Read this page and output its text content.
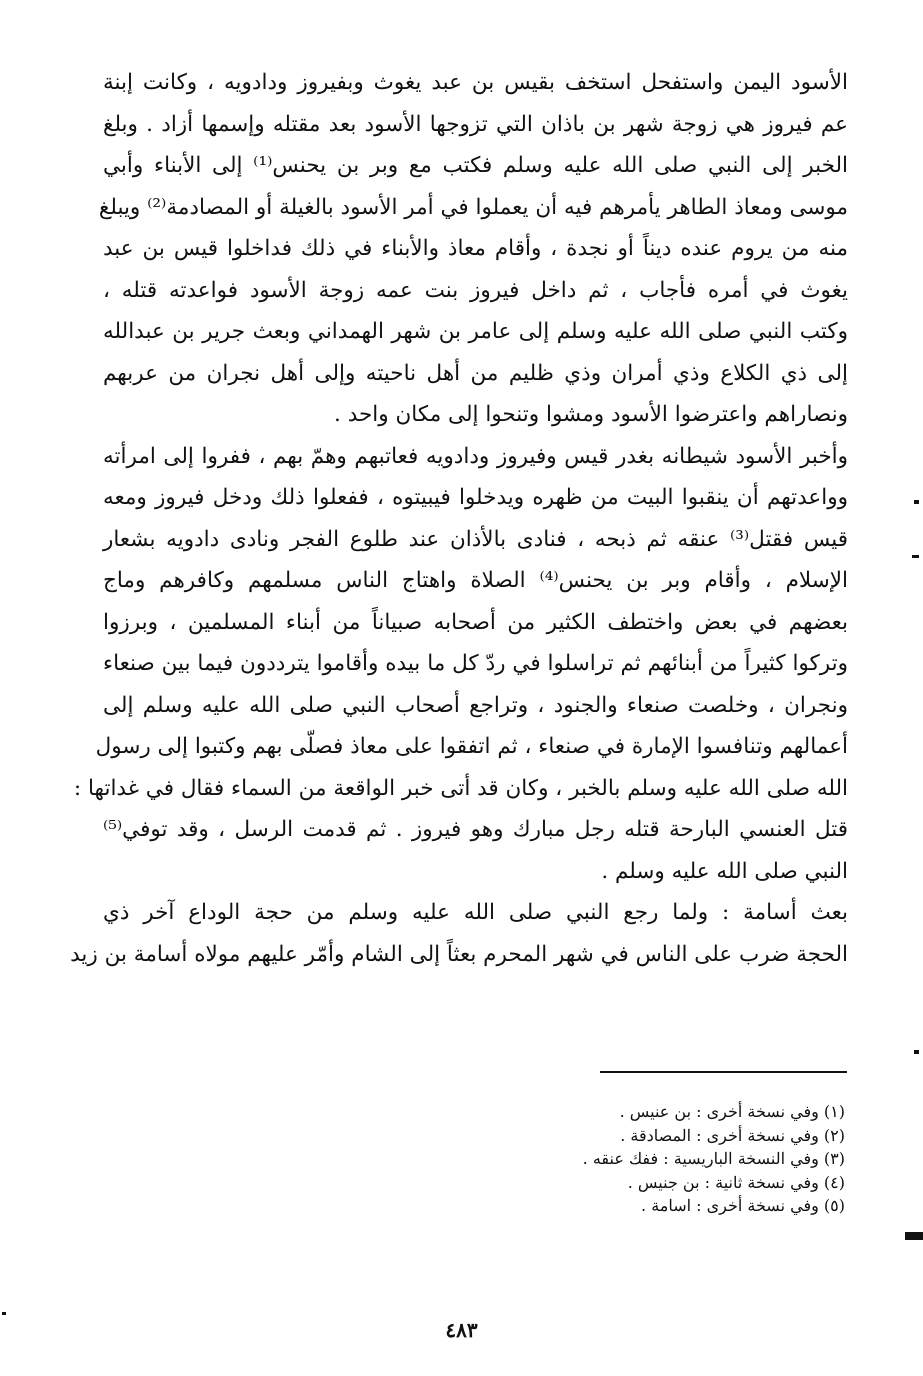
الأسود اليمن واستفحل استخف بقيس بن عبد يغوث وبفيروز ودادويه ، وكانت إبنة
عم فيروز هي زوجة شهر بن باذان التي تزوجها الأسود بعد مقتله وإسمها أزاد . وبلغ
الخبر إلى النبي صلى الله عليه وسلم فكتب مع وبر بن يحنس⁽¹⁾ إلى الأبناء وأبي
موسى ومعاذ الطاهر يأمرهم فيه أن يعملوا في أمر الأسود بالغيلة أو المصادمة⁽²⁾ ويبلغ
منه من يروم عنده ديناً أو نجدة ، وأقام معاذ والأبناء في ذلك فداخلوا قيس بن عبد
يغوث في أمره فأجاب ، ثم داخل فيروز بنت عمه زوجة الأسود فواعدته قتله ،
وكتب النبي صلى الله عليه وسلم إلى عامر بن شهر الهمداني وبعث جرير بن عبدالله
إلى ذي الكلاع وذي أمران وذي ظليم من أهل ناحيته وإلى أهل نجران من عربهم
ونصاراهم واعترضوا الأسود ومشوا وتنحوا إلى مكان واحد .
وأخبر الأسود شيطانه بغدر قيس وفيروز ودادويه فعاتبهم وهمّ بهم ، ففروا إلى امرأته
وواعدتهم أن ينقبوا البيت من ظهره ويدخلوا فيبيتوه ، ففعلوا ذلك ودخل فيروز ومعه
قيس فقتل⁽³⁾ عنقه ثم ذبحه ، فنادى بالأذان عند طلوع الفجر ونادى دادويه بشعار
الإسلام ، وأقام وبر بن يحنس⁽⁴⁾ الصلاة واهتاج الناس مسلمهم وكافرهم وماج
بعضهم في بعض واختطف الكثير من أصحابه صبياناً من أبناء المسلمين ، وبرزوا
وتركوا كثيراً من أبنائهم ثم تراسلوا في ردّ كل ما بيده وأقاموا يترددون فيما بين صنعاء
ونجران ، وخلصت صنعاء والجنود ، وتراجع أصحاب النبي صلى الله عليه وسلم إلى
أعمالهم وتنافسوا الإمارة في صنعاء ، ثم اتفقوا على معاذ فصلّى بهم وكتبوا إلى رسول
الله صلى الله عليه وسلم بالخبر ، وكان قد أتى خبر الواقعة من السماء فقال في غداتها :
قتل العنسي البارحة قتله رجل مبارك وهو فيروز . ثم قدمت الرسل ، وقد توفي⁽⁵⁾
النبي صلى الله عليه وسلم .
بعث أسامة : ولما رجع النبي صلى الله عليه وسلم من حجة الوداع آخر ذي
الحجة ضرب على الناس في شهر المحرم بعثاً إلى الشام وأمّر عليهم مولاه أسامة بن زيد
(١) وفي نسخة أخرى : بن عنيس .
(٢) وفي نسخة أخرى : المصادقة .
(٣) وفي النسخة الباريسية : ففك عنقه .
(٤) وفي نسخة ثانية : بن جنيس .
(٥) وفي نسخة أخرى : اسامة .
٤٨٣
